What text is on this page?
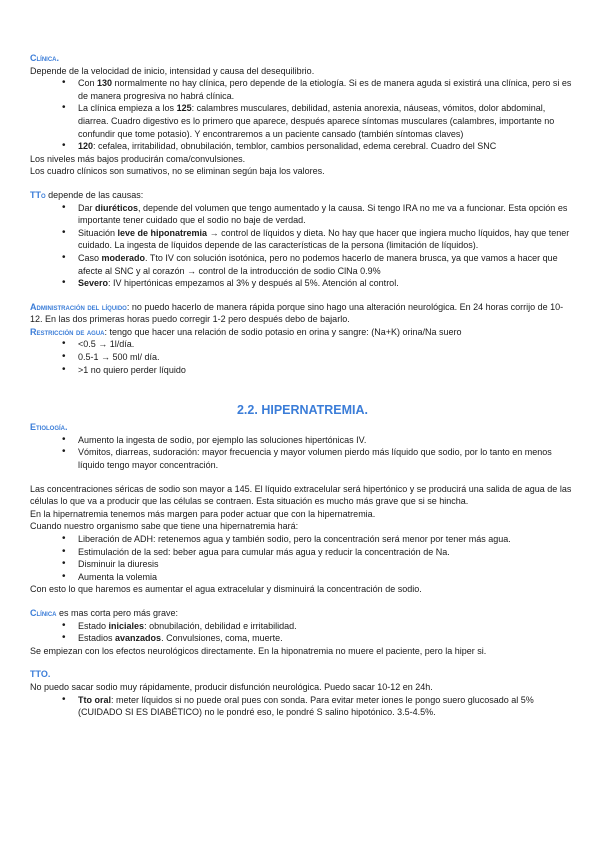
Clínica.

Depende de la velocidad de inicio, intensidad y causa del desequilibrio.

• Con 130 normalmente no hay clínica, pero depende de la etiología. Si es de manera aguda si existirá una clínica, pero si es de manera progresiva no habrá clínica.
• La clínica empieza a los 125: calambres musculares, debilidad, astenia anorexia, náuseas, vómitos, dolor abdominal, diarrea. Cuadro digestivo es lo primero que aparece, después aparece síntomas musculares (calambres, importante no confundir que tome potasio). Y encontraremos a un paciente cansado (también síntomas claves)
• 120: cefalea, irritabilidad, obnubilación, temblor, cambios personalidad, edema cerebral. Cuadro del SNC

Los niveles más bajos producirán coma/convulsiones.

Los cuadro clínicos son sumativos, no se eliminan según baja los valores.

TTo depende de las causas:

• Dar diuréticos, depende del volumen que tengo aumentado y la causa. Si tengo IRA no me va a funcionar. Esta opción es importante tener cuidado que el sodio no baje de verdad.
• Situación leve de hiponatremia → control de líquidos y dieta. No hay que hacer que ingiera mucho líquidos, hay que tener cuidado. La ingesta de líquidos depende de las características de la persona (limitación de líquidos).
• Caso moderado. Tto IV con solución isotónica, pero no podemos hacerlo de manera brusca, ya que vamos a hacer que afecte al SNC y al corazón → control de la introducción de sodio ClNa 0.9%
• Severo: IV hipertónicas empezamos al 3% y después al 5%. Atención al control.

Administración del líquido: no puedo hacerlo de manera rápida porque sino hago una alteración neurológica. En 24 horas corrijo de 10-12. En las dos primeras horas puedo corregir 1-2 pero después debo de bajarlo.

Restricción de agua: tengo que hacer una relación de sodio potasio en orina y sangre: (Na+K) orina/Na suero

• <0.5 → 1l/día.
• 0.5-1 → 500 ml/ día.
• >1 no quiero perder líquido

2.2. HIPERNATREMIA.

Etiología.

• Aumento la ingesta de sodio, por ejemplo las soluciones hipertónicas IV.
• Vómitos, diarreas, sudoración: mayor frecuencia y mayor volumen pierdo más líquido que sodio, por lo tanto en menos líquido tengo mayor concentración.

Las concentraciones séricas de sodio son mayor a 145. El líquido extracelular será hipertónico y se producirá una salida de agua de las células lo que va a producir que las células se contraen. Esta situación es mucho más grave que si se hincha.

En la hipernatremia tenemos más margen para poder actuar que con la hipernatremia.

Cuando nuestro organismo sabe que tiene una hipernatremia hará:

• Liberación de ADH: retenemos agua y también sodio, pero la concentración será menor por tener más agua.
• Estimulación de la sed: beber agua para cumular más agua y reducir la concentración de Na.
• Disminuir la diuresis
• Aumenta la volemia

Con esto lo que haremos es aumentar el agua extracelular y disminuirá la concentración de sodio.

Clínica es mas corta pero más grave:

• Estado iniciales: obnubilación, debilidad e irritabilidad.
• Estadios avanzados. Convulsiones, coma, muerte.

Se empiezan con los efectos neurológicos directamente. En la hiponatremia no muere el paciente, pero la hiper si.

TTO.

No puedo sacar sodio muy rápidamente, producir disfunción neurológica. Puedo sacar 10-12 en 24h.

• Tto oral: meter líquidos si no puede oral pues con sonda. Para evitar meter iones le pongo suero glucosado al 5% (CUIDADO SI ES DIABÉTICO) no le pondré eso, le pondré S salino hipotónico. 3.5-4.5%.
